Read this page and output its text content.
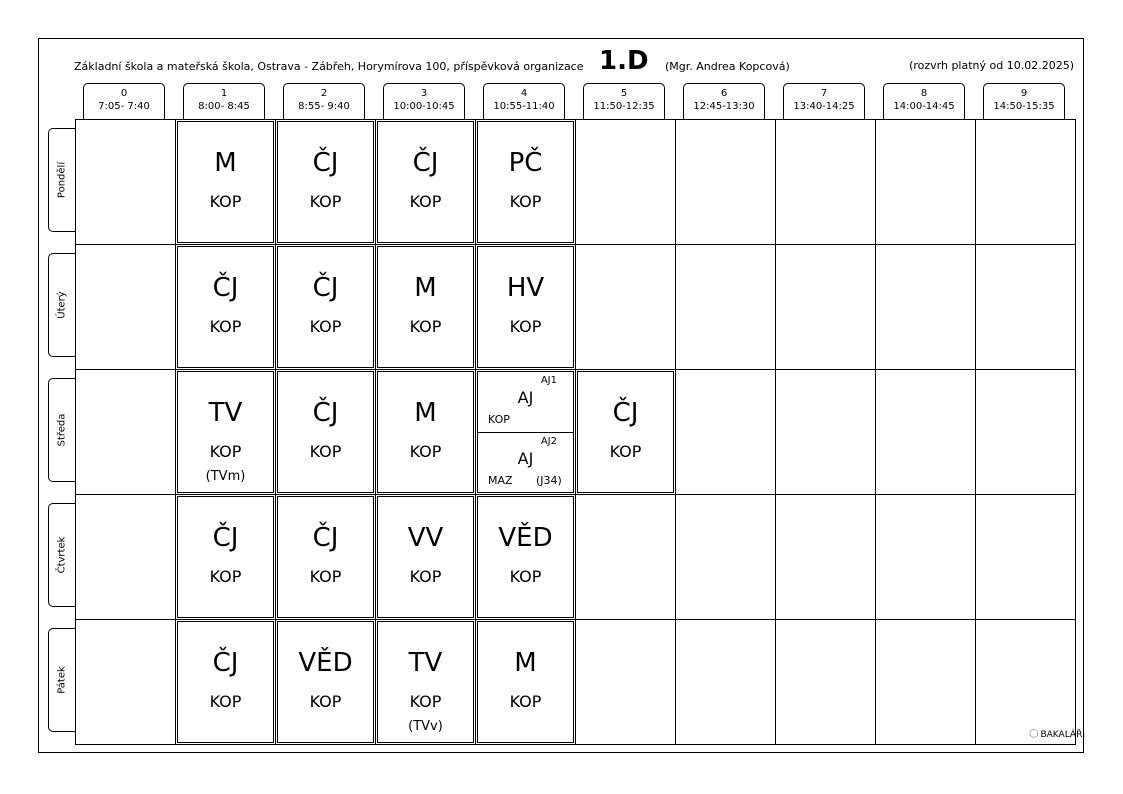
Základní škola a mateřská škola, Ostrava - Zábřeh, Horymírova 100, příspěvková organizace 1.D (Mgr. Andrea Kopcová)	(rozvrh platný od 10.02.2025)
0
7:05- 7:40
1
8:00- 8:45
2
8:55- 9:40
3
10:00-10:45
4
10:55-11:40
5
11:50-12:35
6
12:45-13:30
7
13:40-14:25
8
14:00-14:45
9
14:50-15:35
Pondělí
Úterý
Středa
Čtvrtek
Pátek
M
KOP
ČJ
KOP
ČJ
KOP
PČ
KOP
ČJ
KOP
ČJ
KOP
M
KOP
HV
KOP
TV
KOP
(TVm)
ČJ
KOP
M
KOP
AJ1
AJ
KOP
AJ2
AJ
MAZ (J34)
ČJ
KOP
ČJ
KOP
ČJ
KOP
VV
KOP
VĚD
KOP
ČJ
KOP
VĚD
KOP
TV
KOP
(TVv)
M
KOP
⬡ BAKALÁŘI
